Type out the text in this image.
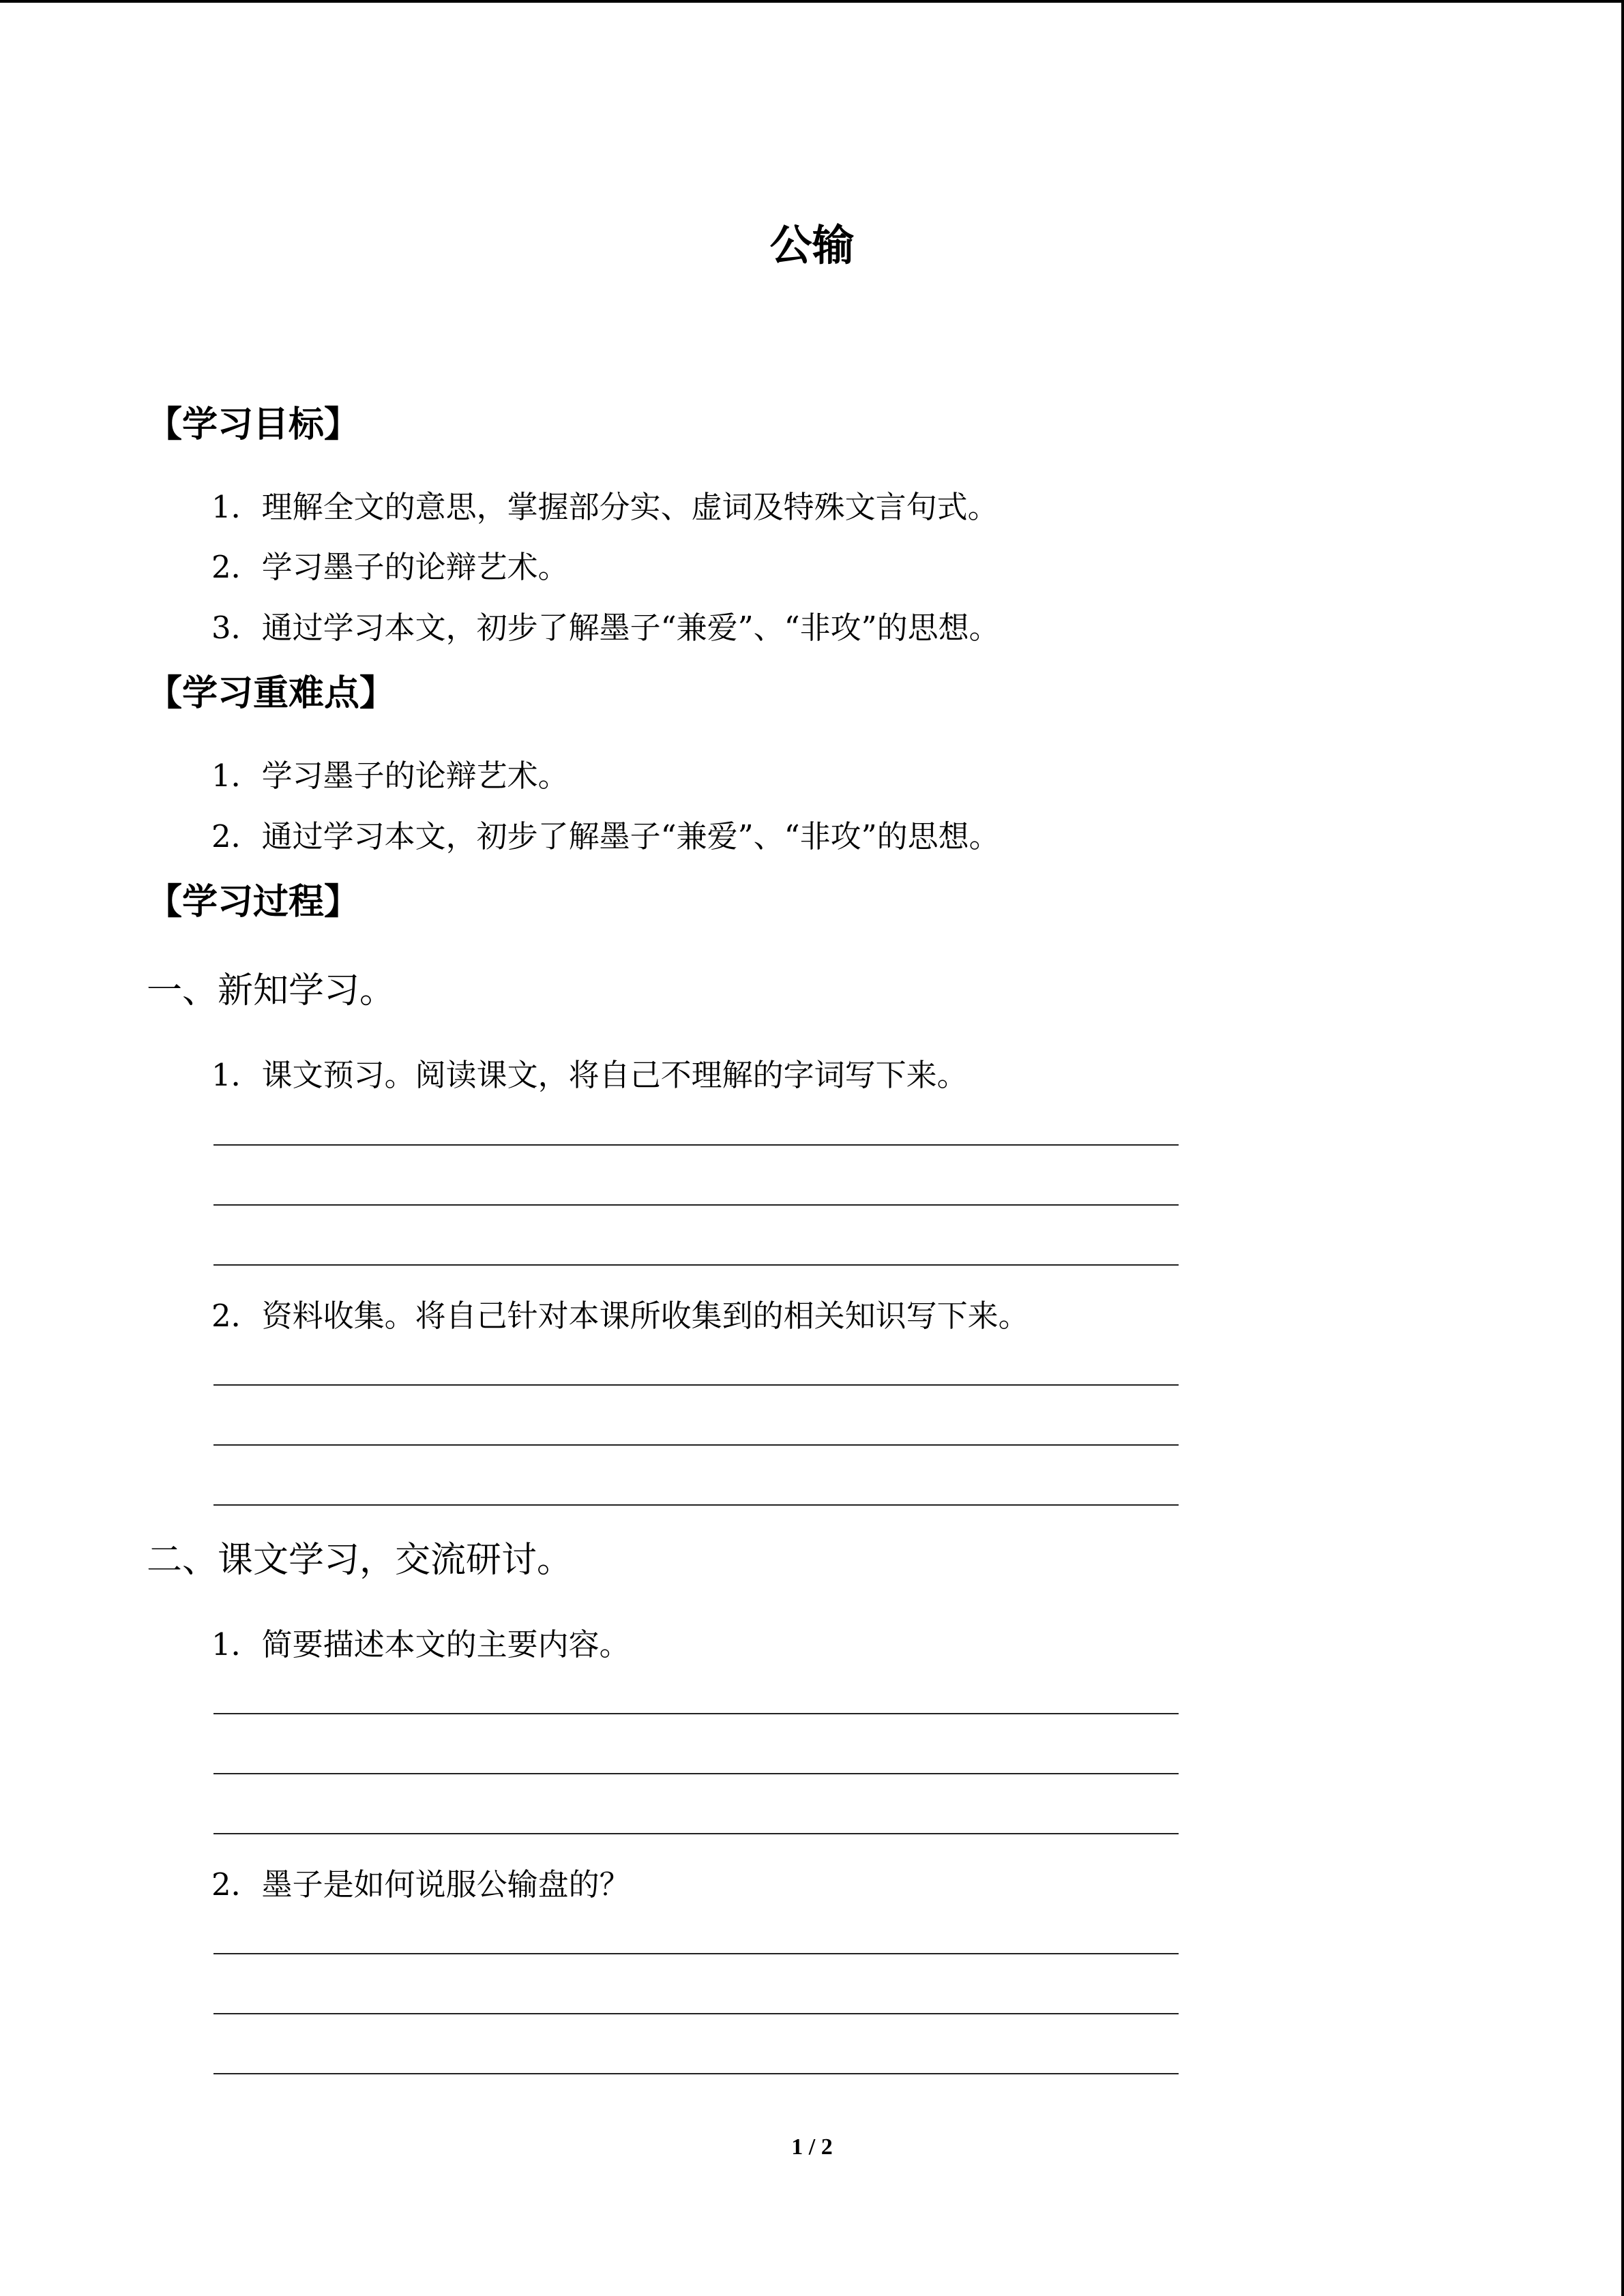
公输
【学习目标】
1．理解全文的意思，掌握部分实、虚词及特殊文言句式。
2．学习墨子的论辩艺术。
3．通过学习本文，初步了解墨子“兼爱”、“非攻”的思想。
【学习重难点】
1．学习墨子的论辩艺术。
2．通过学习本文，初步了解墨子“兼爱”、“非攻”的思想。
【学习过程】
一、新知学习。
1．课文预习。阅读课文，将自己不理解的字词写下来。
2．资料收集。将自己针对本课所收集到的相关知识写下来。
二、课文学习，交流研讨。
1．简要描述本文的主要内容。
2．墨子是如何说服公输盘的？
1 / 2
